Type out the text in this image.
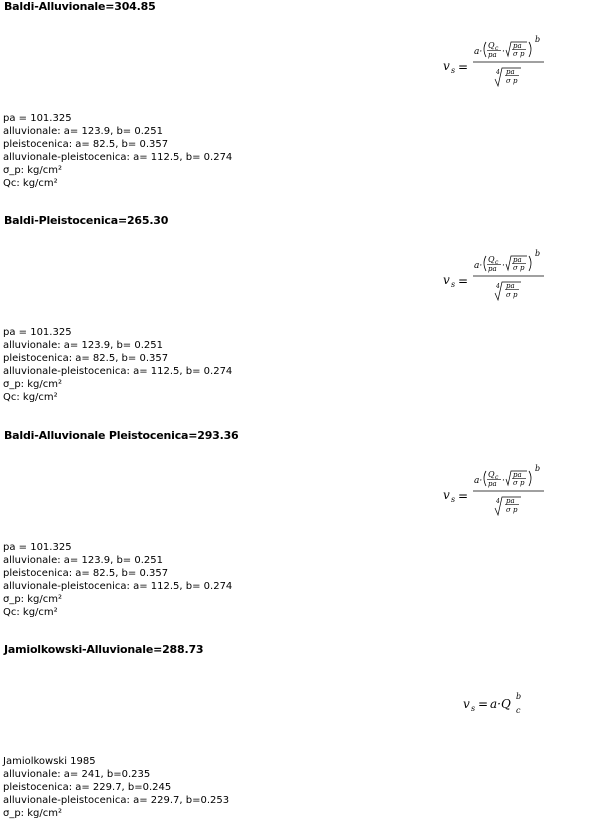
Baldi-Alluvionale=304.85
v s =
a·
Q c
pa ·
pa
σ p
b
4 pa
σ p
pa = 101.325
alluvionale: a= 123.9, b= 0.251
pleistocenica: a= 82.5, b= 0.357
alluvionale-pleistocenica: a= 112.5, b= 0.274
σ_p: kg/cm²
Qc: kg/cm²
Baldi-Pleistocenica=265.30
v s =
a·
Q c
pa ·
pa
σ p
b
4 pa
σ p
pa = 101.325
alluvionale: a= 123.9, b= 0.251
pleistocenica: a= 82.5, b= 0.357
alluvionale-pleistocenica: a= 112.5, b= 0.274
σ_p: kg/cm²
Qc: kg/cm²
Baldi-Alluvionale Pleistocenica=293.36
v s =
a·
Q c
pa ·
pa
σ p
b
4 pa
σ p
pa = 101.325
alluvionale: a= 123.9, b= 0.251
pleistocenica: a= 82.5, b= 0.357
alluvionale-pleistocenica: a= 112.5, b= 0.274
σ_p: kg/cm²
Qc: kg/cm²
Jamiolkowski-Alluvionale=288.73
v s = a·Q
b
c
Jamiolkowski 1985
alluvionale: a= 241, b=0.235
pleistocenica: a= 229.7, b=0.245
alluvionale-pleistocenica: a= 229.7, b=0.253
σ_p: kg/cm²
